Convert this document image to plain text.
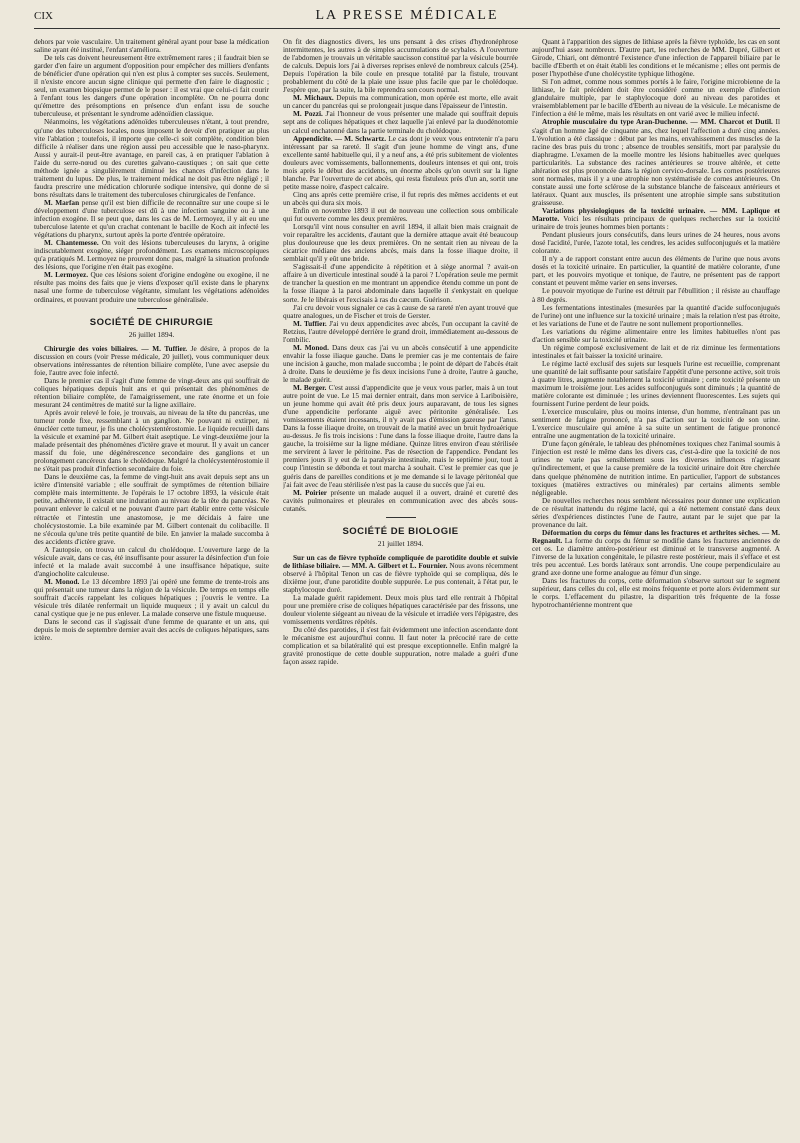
CIX	LA PRESSE MÉDICALE

dehors par voie vasculaire. Un traitement général ayant pour base la médication saline ayant été institué, l'enfant s'améliora.

De tels cas doivent heureusement être extrêmement rares ; il faudrait bien se garder d'en faire un argument d'opposition pour empêcher des milliers d'enfants de bénéficier d'une opération qui n'en est plus à compter ses succès. Seulement, il n'existe encore aucun signe clinique qui permette d'en faire le diagnostic ; seul, un examen biopsique permet de le poser : il est vrai que celui-ci fait courir à l'enfant tous les dangers d'une opération incomplète. On ne pourra donc qu'émettre des présomptions en présence d'un enfant issu de souche tuberculeuse, et présentant le syndrome adénoïdien classique.

Néanmoins, les végétations adénoïdes tuberculeuses n'étant, à tout prendre, qu'une des tuberculoses locales, nous imposent le devoir d'en pratiquer au plus vite l'ablation ; toutefois, il importe que celle-ci soit complète, condition bien difficile à réaliser dans une région aussi peu accessible que le naso-pharynx. Aussi y aurait-il peut-être avantage, en pareil cas, à en pratiquer l'ablation à l'aide du serre-nœud ou des curettes galvano-caustiques ; on sait que cette méthode ignée a singulièrement diminué les chances d'infection dans le traitement du lupus. De plus, le traitement médical ne doit pas être négligé ; il faudra prescrire une médication chlorurée sodique intensive, qui donne de si bons résultats dans le traitement des tuberculoses chirurgicales de l'enfance.

M. Marfan pense qu'il est bien difficile de reconnaître sur une coupe si le développement d'une tuberculose est dû à une infection sanguine ou à une infection exogène. Il se peut que, dans les cas de M. Lermoyez, il y ait eu une tuberculose latente et qu'un crachat contenant le bacille de Koch ait infecté les végétations du pharynx, surtout après la porte d'entrée opératoire.

M. Chantemesse. On voit des lésions tuberculeuses du larynx, à origine indiscutablement exogène, siéger profondément. Les examens microscopiques qu'a pratiqués M. Lermoyez ne prouvent donc pas, malgré la situation profonde des lésions, que l'origine n'en était pas exogène.

M. Lermoyez. Que ces lésions soient d'origine endogène ou exogène, il ne résulte pas moins des faits que je viens d'exposer qu'il existe dans le pharynx nasal une forme de tuberculose végétante, simulant les végétations adénoïdes ordinaires, et pouvant produire une tuberculose généralisée.

SOCIÉTÉ DE CHIRURGIE
26 juillet 1894.

Chirurgie des voies biliaires. — M. Tuffier. Je désire, à propos de la discussion en cours (voir Presse médicale, 20 juillet), vous communiquer deux observations intéressantes de rétention biliaire complète, l'une avec asepsie du foie, l'autre avec foie infecté.

Dans le premier cas il s'agit d'une femme de vingt-deux ans qui souffrait de coliques hépatiques depuis huit ans et qui présentait des phénomènes de rétention biliaire complète, de l'amaigrissement, une rate énorme et un foie mesurant 24 centimètres de matité sur la ligne axillaire.

Après avoir relevé le foie, je trouvais, au niveau de la tête du pancréas, une tumeur ronde fixe, ressemblant à un ganglion. Ne pouvant ni extirper, ni énucléer cette tumeur, je fis une cholécystentérostomie. Le liquide recueilli dans la vésicule et examiné par M. Gilbert était aseptique. Le vingt-deuxième jour la malade présentait des phénomènes d'ictère grave et mourut. Il y avait un cancer massif du foie, une dégénérescence secondaire des ganglions et un prolongement cancéreux dans le cholédoque. Malgré la cholécystentérostomie il ne s'était pas produit d'infection secondaire du foie.

Dans le deuxième cas, la femme de vingt-huit ans avait depuis sept ans un ictère d'intensité variable ; elle souffrait de symptômes de rétention biliaire complète mais intermittente. Je l'opérais le 17 octobre 1893, la vésicule était petite, adhérente, il existait une induration au niveau de la tête du pancréas. Ne pouvant enlever le calcul et ne pouvant d'autre part établir entre cette vésicule rétractée et l'intestin une anastomose, je me décidais à faire une cholécystostomie. La bile examinée par M. Gilbert contenait du colibacille. Il ne s'écoula qu'une très petite quantité de bile. En janvier la malade succomba à des accidents d'ictère grave.

A l'autopsie, on trouva un calcul du cholédoque. L'ouverture large de la vésicule avait, dans ce cas, été insuffisante pour assurer la désinfection d'un foie infecté et la malade avait succombé à une insuffisance hépatique, suite d'angiocholite calculeuse.

M. Monod. Le 13 décembre 1893 j'ai opéré une femme de trente-trois ans qui présentait une tumeur dans la région de la vésicule. De temps en temps elle souffrait d'accès rappelant les coliques hépatiques ; j'ouvris le ventre. La vésicule très dilatée renfermait un liquide muqueux ; il y avait un calcul du canal cystique que je ne pus enlever. La malade conserve une fistule muqueuse.

Dans le second cas il s'agissait d'une femme de quarante et un ans, qui depuis le mois de septembre dernier avait des accès de coliques hépatiques, sans ictère.

On fit des diagnostics divers, les uns pensant à des crises d'hydronéphrose intermittentes, les autres à de simples accumulations de scybales. A l'ouverture de l'abdomen je trouvais un véritable saucisson constitué par la vésicule bourrée de calculs. Depuis lors j'ai à diverses reprises enlevé de nombreux calculs (254). Depuis l'opération la bile coule en presque totalité par la fistule, trouvant probablement du côté de la plaie une issue plus facile que par le cholédoque. J'espère que, par la suite, la bile reprendra son cours normal.

M. Michaux. Depuis ma communication, mon opérée est morte, elle avait un cancer du pancréas qui se prolongeait jusque dans l'épaisseur de l'intestin.

M. Pozzi. J'ai l'honneur de vous présenter une malade qui souffrait depuis sept ans de coliques hépatiques et chez laquelle j'ai enlevé par la duodénotomie un calcul enchatonné dans la partie terminale du cholédoque.

Appendicite. — M. Schwartz. Le cas dont je veux vous entretenir n'a paru intéressant par sa rareté. Il s'agit d'un jeune homme de vingt ans, d'une excellente santé habituelle qui, il y a neuf ans, a été pris subitement de violentes douleurs avec vomissements, ballonnements, douleurs intenses et qui ont, trois mois après le début des accidents, un énorme abcès qu'on ouvrit sur la ligne blanche. Par l'ouverture de cet abcès, qui resta fistuleux près d'un an, sortit une petite masse noire, d'aspect calcaire.

Cinq ans après cette première crise, il fut repris des mêmes accidents et eut un abcès qui dura six mois.

Enfin en novembre 1893 il eut de nouveau une collection sous ombilicale qui fut ouverte comme les deux premières.

Lorsqu'il vint nous consulter en avril 1894, il allait bien mais craignait de voir reparaître les accidents, d'autant que la dernière attaque avait été beaucoup plus douloureuse que les deux premières. On ne sentait rien au niveau de la cicatrice médiane des anciens abcès, mais dans la fosse iliaque droite, il semblait qu'il y eût une bride.

S'agissait-il d'une appendicite à répétition et à siège anormal ? avait-on affaire à un diverticule intestinal soudé à la paroi ? L'opération seule me permit de trancher la question en me montrant un appendice étendu comme un pont de la fosse iliaque à la paroi abdominale dans laquelle il s'enkystait en quelque sorte. Je le libérais et l'excisais à ras du cæcum. Guérison.

J'ai cru devoir vous signaler ce cas à cause de sa rareté n'en ayant trouvé que quatre analogues, un de Fischer et trois de Gerster.

M. Tuffier. J'ai vu deux appendicites avec abcès, l'un occupant la cavité de Retzius, l'autre développé derrière le grand droit, immédiatement au-dessous de l'ombilic.

M. Monod. Dans deux cas j'ai vu un abcès consécutif à une appendicite envahir la fosse iliaque gauche. Dans le premier cas je me contentais de faire une incision à gauche, mon malade succomba ; le point de départ de l'abcès était à droite. Dans le deuxième je fis deux incisions l'une à droite, l'autre à gauche, le malade guérit.

M. Berger. C'est aussi d'appendicite que je veux vous parler, mais à un tout autre point de vue. Le 15 mai dernier entrait, dans mon service à Lariboisière, un jeune homme qui avait été pris deux jours auparavant, de tous les signes d'une appendicite perforante aiguë avec péritonite généralisée. Les vomissements étaient incessants, il n'y avait pas d'émission gazeuse par l'anus. Dans la fosse iliaque droite, on trouvait de la matité avec un bruit hydroaérique au-dessus. Je fis trois incisions : l'une dans la fosse iliaque droite, l'autre dans la gauche, la troisième sur la ligne médiane. Quinze litres environ d'eau stérilisée me servirent à laver le péritoine. Pas de résection de l'appendice. Pendant les premiers jours il y eut de la paralysie intestinale, mais le septième jour, tout à coup l'intestin se débonda et tout marcha à souhait. C'est le premier cas que je guéris dans de pareilles conditions et je me demande si le lavage péritonéal que j'ai fait avec de l'eau stérilisée n'est pas la cause du succès que j'ai eu.

M. Poirier présente un malade auquel il a ouvert, drainé et curetté des cavités pulmonaires et pleurales en communication avec des abcès sous-cutanés.

SOCIÉTÉ DE BIOLOGIE
21 juillet 1894.

Sur un cas de fièvre typhoïde compliquée de parotidite double et suivie de lithiase biliaire. — MM. A. Gilbert et L. Fournier. Nous avons récemment observé à l'hôpital Tenon un cas de fièvre typhoïde qui se compliqua, dès le dixième jour, d'une parotidite double suppurée. Le pus contenait, à l'état pur, le staphylocoque doré.

La malade guérit rapidement. Deux mois plus tard elle rentrait à l'hôpital pour une première crise de coliques hépatiques caractérisée par des frissons, une douleur violente siégeant au niveau de la vésicule et irradiée vers l'épigastre, des vomissements verdâtres répétés.

Du côté des parotides, il s'est fait évidemment une infection ascendante dont le mécanisme est aujourd'hui connu. Il faut noter la précocité rare de cette complication et sa bilatéralité qui est presque exceptionnelle. Enfin malgré la gravité pronostique de cette double suppuration, notre malade a guéri d'une façon assez rapide.

Quant à l'apparition des signes de lithiase après la fièvre typhoïde, les cas en sont aujourd'hui assez nombreux. D'autre part, les recherches de MM. Dupré, Gilbert et Girode, Chiari, ont démontré l'existence d'une infection de l'appareil biliaire par le bacille d'Eberth et on était établi les conditions et le mécanisme ; elles ont permis de poser l'hypothèse d'une cholécystite typhique lithogène.

Si l'on admet, comme nous sommes portés à le faire, l'origine microbienne de la lithiase, le fait précédent doit être considéré comme un exemple d'infection glandulaire multiple, par le staphylocoque doré au niveau des parotides et vraisemblablement par le bacille d'Eberth au niveau de la vésicule. Le mécanisme de l'infection a été le même, mais les résultats en ont varié avec le milieu infecté.

Atrophie musculaire du type Aran-Duchenne. — MM. Charcot et Dutil. Il s'agit d'un homme âgé de cinquante ans, chez lequel l'affection a duré cinq années. L'évolution a été classique : début par les mains, envahissement des muscles de la racine des bras puis du tronc ; absence de troubles sensitifs, mort par paralysie du diaphragme. L'examen de la moelle montre les lésions habituelles avec quelques particularités. La substance des racines antérieures se trouve altérée, et cette altération est plus prononcée dans la région cervico-dorsale. Les cornes postérieures sont normales, mais il y a une atrophie non systématisée de cornes antérieures. On constate aussi une forte sclérose de la substance blanche de faisceaux antérieurs et latéraux. Quant aux muscles, ils présentent une atrophie simple sans substitution graisseuse.

Variations physiologiques de la toxicité urinaire. — MM. Laplique et Marotte. Voici les résultats principaux de quelques recherches sur la toxicité urinaire de trois jeunes hommes bien portants :

Pendant plusieurs jours consécutifs, dans leurs urines de 24 heures, nous avons dosé l'acidité, l'urée, l'azote total, les cendres, les acides sulfoconjugués et la matière colorante.

Il n'y a de rapport constant entre aucun des éléments de l'urine que nous avons dosés et la toxicité urinaire. En particulier, la quantité de matière colorante, d'une part, et les pouvoirs myotique et tonique, de l'autre, ne présentent pas de rapport constant et peuvent même varier en sens inverses.

Le pouvoir myotique de l'urine est détruit par l'ébullition ; il résiste au chauffage à 80 degrés.

Les fermentations intestinales (mesurées par la quantité d'acide sulfoconjugués de l'urine) ont une influence sur la toxicité urinaire ; mais la relation n'est pas étroite, et les variations de l'une et de l'autre ne sont nullement proportionnelles.

Les variations du régime alimentaire entre les limites habituelles n'ont pas d'action sensible sur la toxicité urinaire.

Un régime composé exclusivement de lait et de riz diminue les fermentations intestinales et fait baisser la toxicité urinaire.

Le régime lacté exclusif des sujets sur lesquels l'urine est recueillie, comprenant une quantité de lait suffisante pour satisfaire l'appétit d'une personne active, soit trois à quatre litres, augmente notablement la toxicité urinaire ; cette toxicité présente un maximum le troisième jour. Les acides sulfoconjugués sont diminués ; la quantité de matière colorante est diminuée ; les urines deviennent fluorescentes. Les sujets qui fournissent l'urine perdent de leur poids.

L'exercice musculaire, plus ou moins intense, d'un homme, n'entraînant pas un sentiment de fatigue prononcé, n'a pas d'action sur la toxicité de son urine. L'exercice musculaire qui amène à sa suite un sentiment de fatigue prononcé entraîne une augmentation de la toxicité urinaire.

D'une façon générale, le tableau des phénomènes toxiques chez l'animal soumis à l'injection est resté le même dans les divers cas, c'est-à-dire que la toxicité de nos urines ne varie pas sensiblement sous les diverses influences n'agissant qu'indirectement, et que la cause première de la toxicité urinaire doit être cherchée dans quelque phénomène de nutrition intime. En particulier, l'apport de substances toxiques (matières extractives ou minérales) par certains aliments semble négligeable.

De nouvelles recherches nous semblent nécessaires pour donner une explication de ce résultat inattendu du régime lacté, qui a été nettement constaté dans deux séries d'expériences distinctes l'une de l'autre, autant par le sujet que par la provenance du lait.

Déformation du corps du fémur dans les fractures et arthrites sèches. — M. Regnault. La forme du corps du fémur se modifie dans les fractures anciennes de cet os. Le diamètre antéro-postérieur est diminué et le transverse augmenté. A l'inverse de la luxation congénitale, le pilastre reste postérieur, mais il s'efface et est très peu accentué. Les bords latéraux sont arrondis. Une coupe perpendiculaire au grand axe donne une forme analogue au fémur d'un singe.

Dans les fractures du corps, cette déformation s'observe surtout sur le segment supérieur, dans celles du col, elle est moins fréquente et porte alors évidemment sur le corps. L'effacement du pilastre, la disparition très fréquente de la fosse hypotrochantérienne montrent que
